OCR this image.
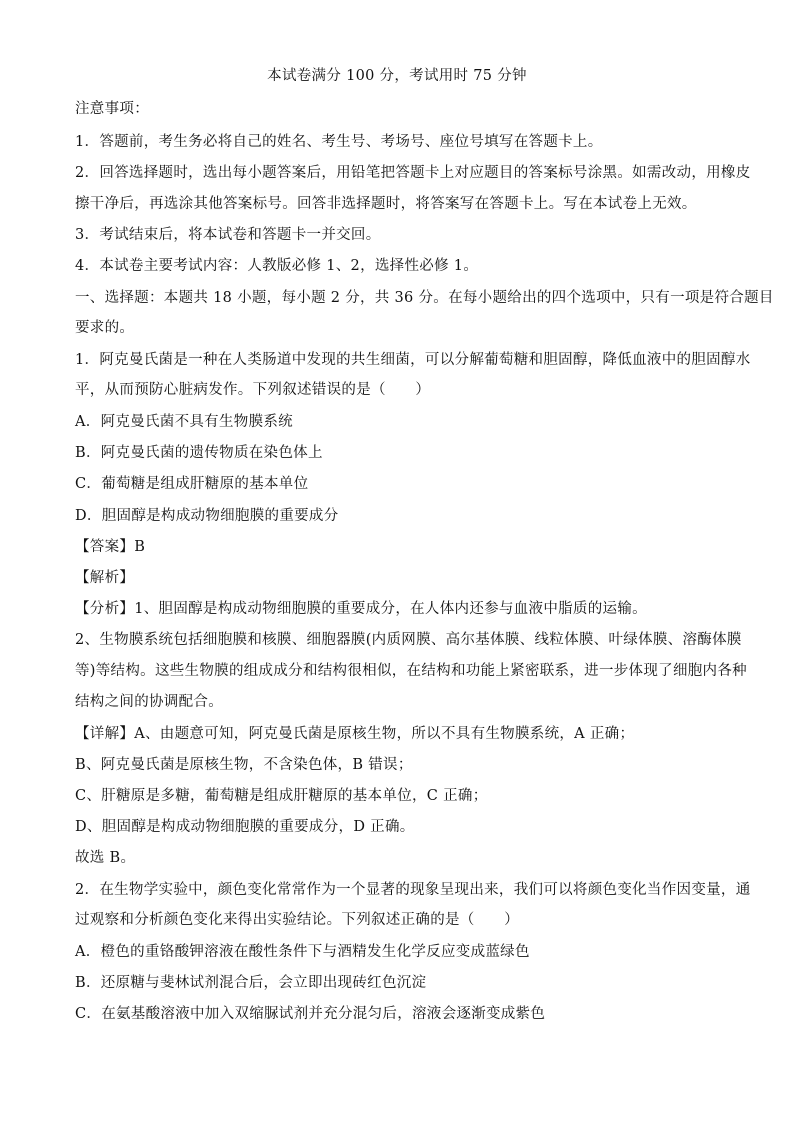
本试卷满分 100 分，考试用时 75 分钟
注意事项：
1．答题前，考生务必将自己的姓名、考生号、考场号、座位号填写在答题卡上。
2．回答选择题时，选出每小题答案后，用铅笔把答题卡上对应题目的答案标号涂黑。如需改动，用橡皮
擦干净后，再选涂其他答案标号。回答非选择题时，将答案写在答题卡上。写在本试卷上无效。
3．考试结束后，将本试卷和答题卡一并交回。
4．本试卷主要考试内容：人教版必修 1、2，选择性必修 1。
一、选择题：本题共 18 小题，每小题 2 分，共 36 分。在每小题给出的四个选项中，只有一项是符合题目
要求的。
1．阿克曼氏菌是一种在人类肠道中发现的共生细菌，可以分解葡萄糖和胆固醇，降低血液中的胆固醇水
平，从而预防心脏病发作。下列叙述错误的是（　　）
A．阿克曼氏菌不具有生物膜系统
B．阿克曼氏菌的遗传物质在染色体上
C．葡萄糖是组成肝糖原的基本单位
D．胆固醇是构成动物细胞膜的重要成分
【答案】B
【解析】
【分析】1、胆固醇是构成动物细胞膜的重要成分，在人体内还参与血液中脂质的运输。
2、生物膜系统包括细胞膜和核膜、细胞器膜(内质网膜、高尔基体膜、线粒体膜、叶绿体膜、溶酶体膜
等)等结构。这些生物膜的组成成分和结构很相似，在结构和功能上紧密联系，进一步体现了细胞内各种
结构之间的协调配合。
【详解】A、由题意可知，阿克曼氏菌是原核生物，所以不具有生物膜系统，A 正确；
B、阿克曼氏菌是原核生物，不含染色体，B 错误；
C、肝糖原是多糖，葡萄糖是组成肝糖原的基本单位，C 正确；
D、胆固醇是构成动物细胞膜的重要成分，D 正确。
故选 B。
2．在生物学实验中，颜色变化常常作为一个显著的现象呈现出来，我们可以将颜色变化当作因变量，通
过观察和分析颜色变化来得出实验结论。下列叙述正确的是（　　）
A．橙色的重铬酸钾溶液在酸性条件下与酒精发生化学反应变成蓝绿色
B．还原糖与斐林试剂混合后，会立即出现砖红色沉淀
C．在氨基酸溶液中加入双缩脲试剂并充分混匀后，溶液会逐渐变成紫色
